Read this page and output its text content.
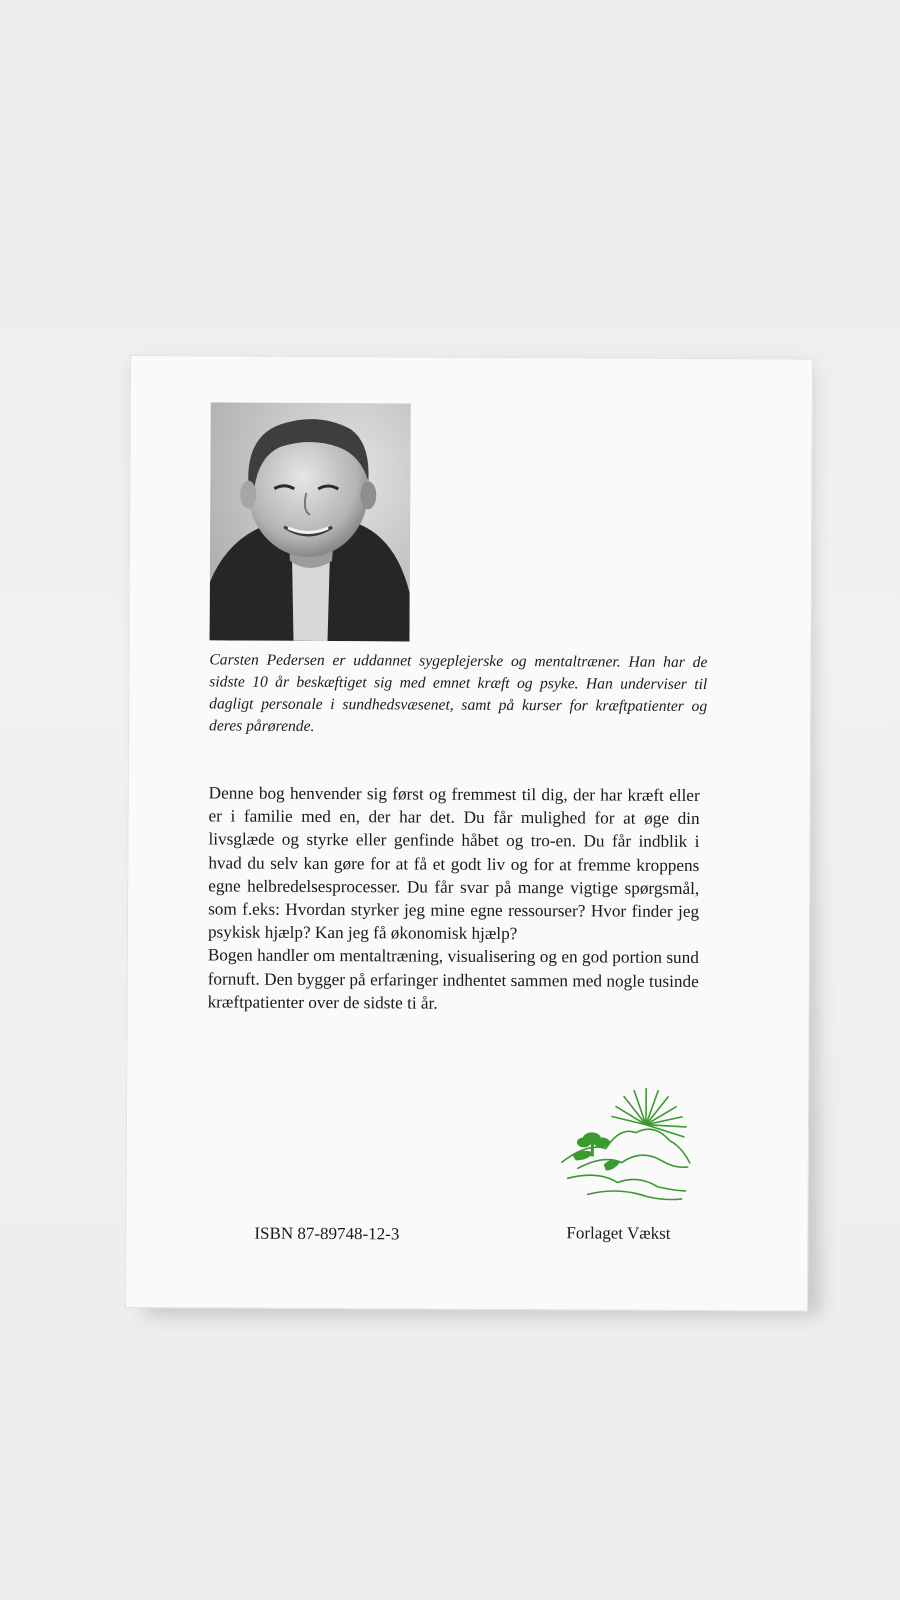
Carsten Pedersen er uddannet sygeplejerske og mentaltræner. Han har de sidste 10 år beskæftiget sig med emnet kræft og psyke. Han underviser til dagligt personale i sundhedsvæsenet, samt på kurser for kræftpatienter og deres pårørende.

Denne bog henvender sig først og fremmest til dig, der har kræft eller er i familie med en, der har det. Du får mulighed for at øge din livsglæde og styrke eller genfinde håbet og tro-en. Du får indblik i hvad du selv kan gøre for at få et godt liv og for at fremme kroppens egne helbredelsesprocesser. Du får svar på mange vigtige spørgsmål, som f.eks: Hvordan styrker jeg mine egne ressourser? Hvor finder jeg psykisk hjælp? Kan jeg få økonomisk hjælp?

Bogen handler om mentaltræning, visualisering og en god portion sund fornuft. Den bygger på erfaringer indhentet sammen med nogle tusinde kræftpatienter over de sidste ti år.

ISBN 87-89748-12-3	Forlaget Vækst
